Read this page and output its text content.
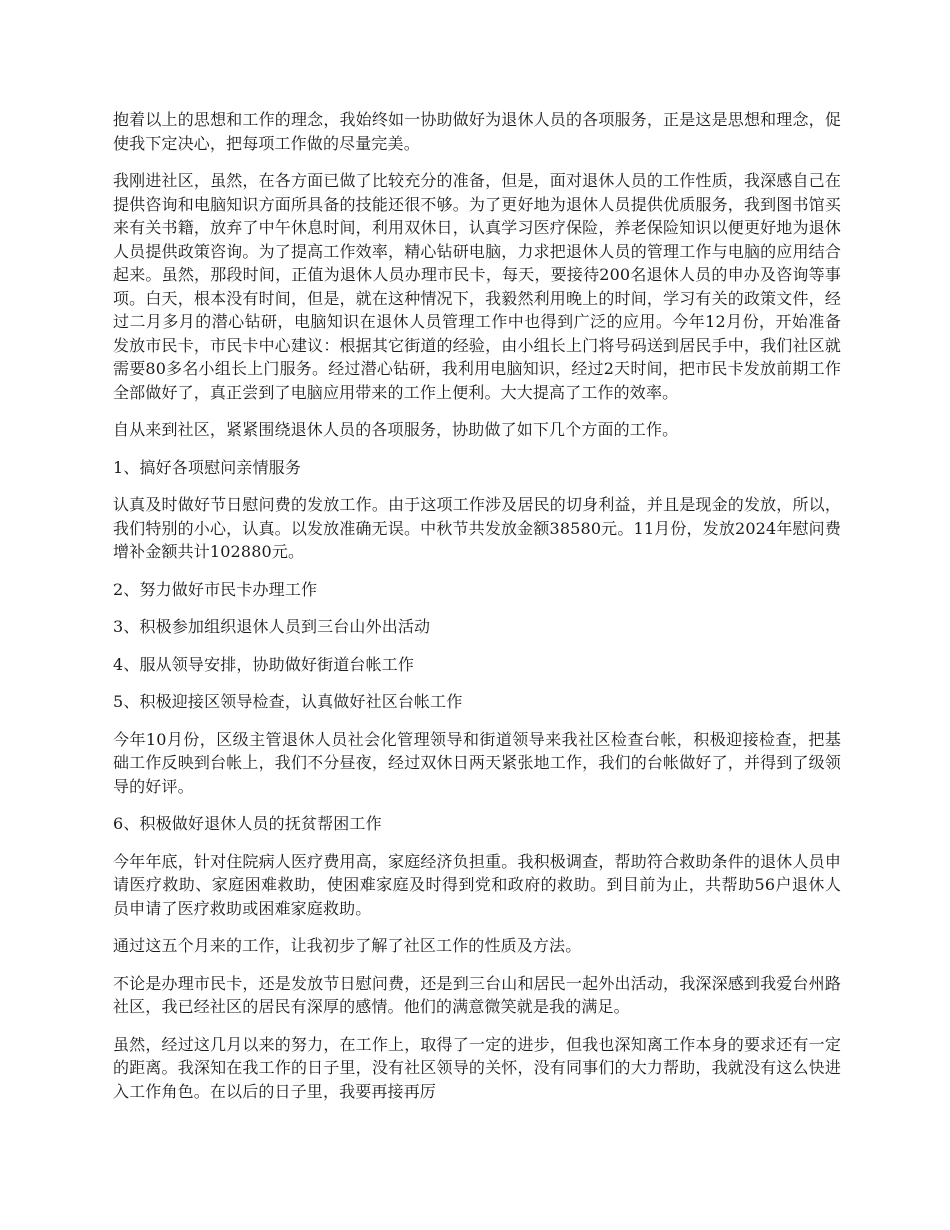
抱着以上的思想和工作的理念，我始终如一协助做好为退休人员的各项服务，正是这是思想和理念，促使我下定决心，把每项工作做的尽量完美。

我刚进社区，虽然，在各方面已做了比较充分的准备，但是，面对退休人员的工作性质，我深感自己在提供咨询和电脑知识方面所具备的技能还很不够。为了更好地为退休人员提供优质服务，我到图书馆买来有关书籍，放弃了中午休息时间，利用双休日，认真学习医疗保险，养老保险知识以便更好地为退休人员提供政策咨询。为了提高工作效率，精心钻研电脑，力求把退休人员的管理工作与电脑的应用结合起来。虽然，那段时间，正值为退休人员办理市民卡，每天，要接待200名退休人员的申办及咨询等事项。白天，根本没有时间，但是，就在这种情况下，我毅然利用晚上的时间，学习有关的政策文件，经过二月多月的潜心钻研，电脑知识在退休人员管理工作中也得到广泛的应用。今年12月份，开始准备发放市民卡，市民卡中心建议：根据其它街道的经验，由小组长上门将号码送到居民手中，我们社区就需要80多名小组长上门服务。经过潜心钻研，我利用电脑知识，经过2天时间，把市民卡发放前期工作全部做好了，真正尝到了电脑应用带来的工作上便利。大大提高了工作的效率。

自从来到社区，紧紧围绕退休人员的各项服务，协助做了如下几个方面的工作。

1、搞好各项慰问亲情服务

认真及时做好节日慰问费的发放工作。由于这项工作涉及居民的切身利益，并且是现金的发放，所以，我们特别的小心，认真。以发放准确无误。中秋节共发放金额38580元。11月份，发放2024年慰问费增补金额共计102880元。

2、努力做好市民卡办理工作

3、积极参加组织退休人员到三台山外出活动

4、服从领导安排，协助做好街道台帐工作

5、积极迎接区领导检查，认真做好社区台帐工作

今年10月份，区级主管退休人员社会化管理领导和街道领导来我社区检查台帐，积极迎接检查，把基础工作反映到台帐上，我们不分昼夜，经过双休日两天紧张地工作，我们的台帐做好了，并得到了级领导的好评。

6、积极做好退休人员的抚贫帮困工作

今年年底，针对住院病人医疗费用高，家庭经济负担重。我积极调查，帮助符合救助条件的退休人员申请医疗救助、家庭困难救助，使困难家庭及时得到党和政府的救助。到目前为止，共帮助56户退休人员申请了医疗救助或困难家庭救助。

通过这五个月来的工作，让我初步了解了社区工作的性质及方法。

不论是办理市民卡，还是发放节日慰问费，还是到三台山和居民一起外出活动，我深深感到我爱台州路社区，我已经社区的居民有深厚的感情。他们的满意微笑就是我的满足。

虽然，经过这几月以来的努力，在工作上，取得了一定的进步，但我也深知离工作本身的要求还有一定的距离。我深知在我工作的日子里，没有社区领导的关怀，没有同事们的大力帮助，我就没有这么快进入工作角色。在以后的日子里，我要再接再厉
